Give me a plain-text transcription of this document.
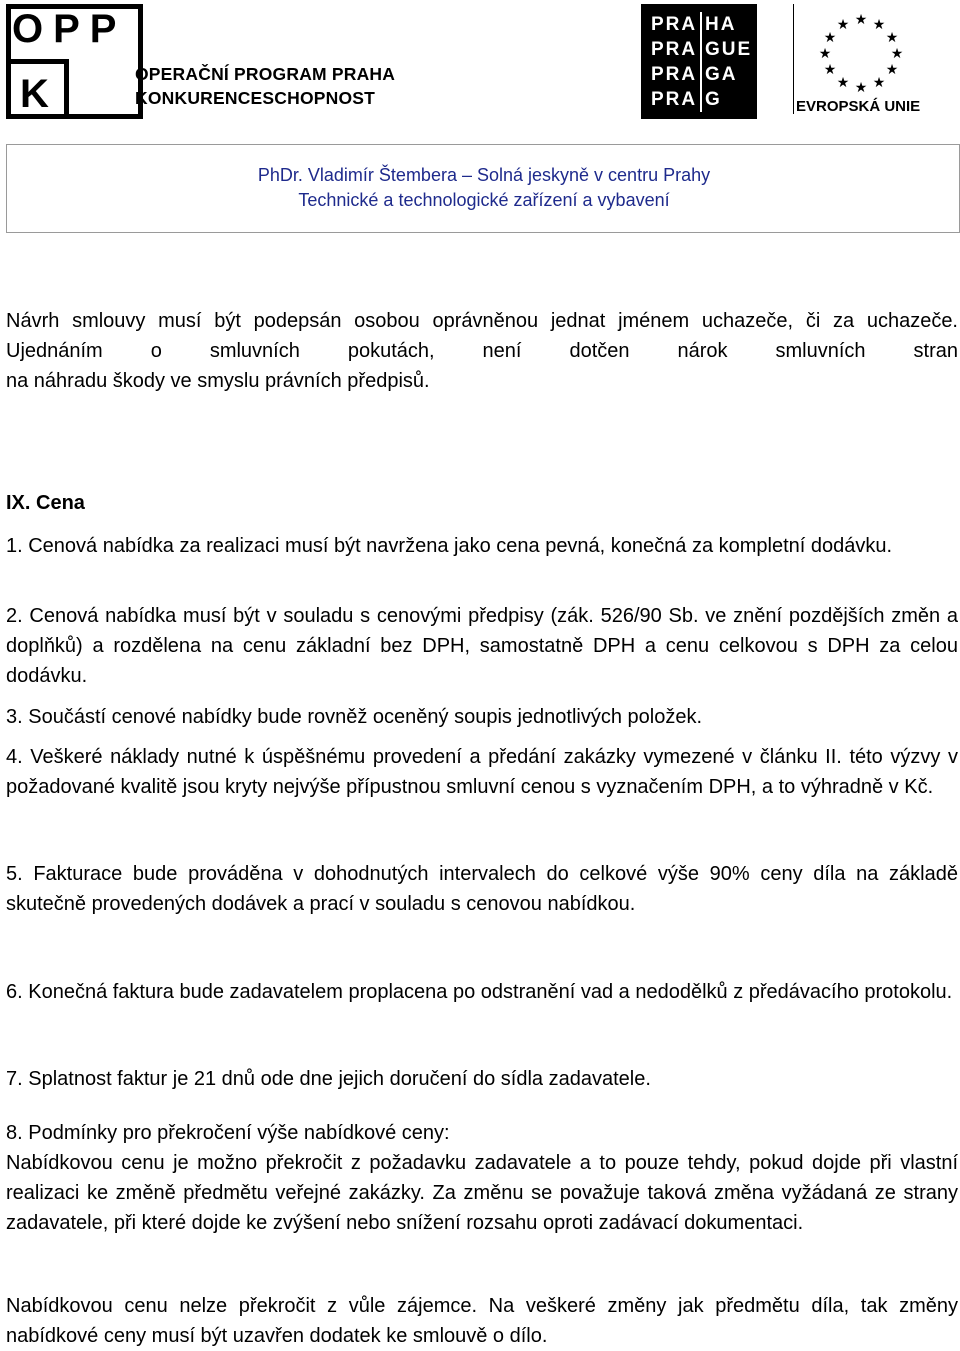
OPP
K	OPERAČNÍ PROGRAM PRAHA
KONKURENCESCHOPNOST
PRA HA
PRA GUE
PRA GA
PRA G
★ ★
★
★
★
★
★
★
★
★
★
★
EVROPSKÁ UNIE
PhDr. Vladimír Štembera – Solná jeskyně v centru Prahy
Technické a technologické zařízení a vybavení

Návrh smlouvy musí být podepsán osobou oprávněnou jednat jménem uchazeče, či za uchazeče. Ujednáním o smluvních pokutách, není dotčen nárok smluvních stran

na náhradu škody ve smyslu právních předpisů.

IX. Cena

1. Cenová nabídka za realizaci musí být navržena jako cena pevná, konečná za kompletní dodávku.

2. Cenová nabídka musí být v souladu s cenovými předpisy (zák. 526/90 Sb. ve znění pozdějších změn a doplňků) a rozdělena na cenu základní bez DPH, samostatně DPH a cenu celkovou s DPH za celou dodávku.

3. Součástí cenové nabídky bude rovněž oceněný soupis jednotlivých položek.

4. Veškeré náklady nutné k úspěšnému provedení a předání zakázky vymezené v článku II. této výzvy v požadované kvalitě jsou kryty nejvýše přípustnou smluvní cenou s vyznačením DPH, a to výhradně v Kč.

5. Fakturace bude prováděna v dohodnutých intervalech do celkové výše 90% ceny díla na základě skutečně provedených dodávek a prací v souladu s cenovou nabídkou.

6. Konečná faktura bude zadavatelem proplacena po odstranění vad a nedodělků z předávacího protokolu.

7. Splatnost faktur je 21 dnů ode dne jejich doručení do sídla zadavatele.

8. Podmínky pro překročení výše nabídkové ceny:

Nabídkovou cenu je možno překročit z požadavku zadavatele a to pouze tehdy, pokud dojde při vlastní realizaci ke změně předmětu veřejné zakázky. Za změnu se považuje taková změna vyžádaná ze strany zadavatele, při které dojde ke zvýšení nebo snížení rozsahu oproti zadávací dokumentaci.

Nabídkovou cenu nelze překročit z vůle zájemce. Na veškeré změny jak předmětu díla, tak změny nabídkové ceny musí být uzavřen dodatek ke smlouvě o dílo.
